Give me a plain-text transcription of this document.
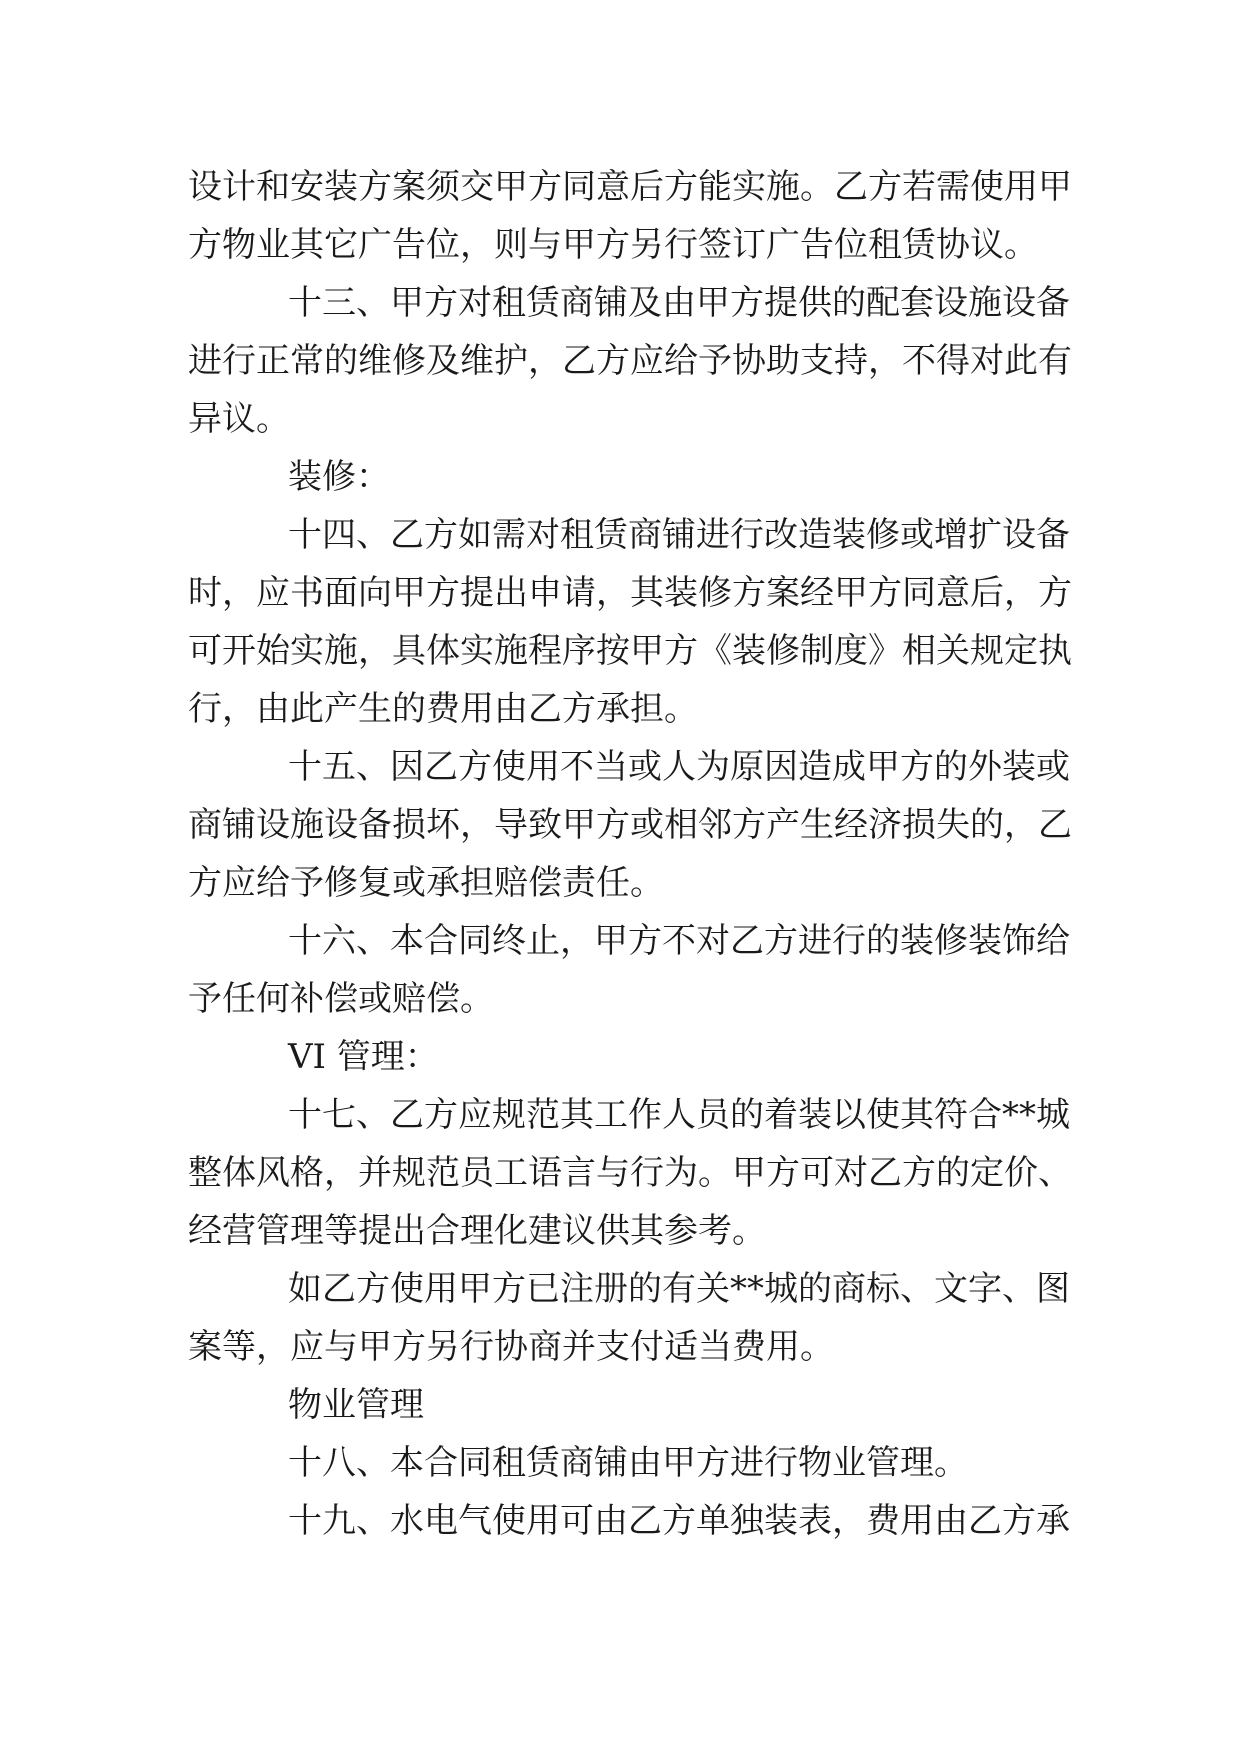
设 计 和 安 装 方 案 须 交 甲 方 同 意 后 方 能 实 施 。 乙 方 若 需 使 用 甲
方物业其它广告位，则与甲方另行签订广告位租赁协议。
十 三 、 甲 方 对 租 赁 商 铺 及 由 甲 方 提 供 的 配 套 设 施 设 备
进 行 正 常 的 维 修 及 维 护 ， 乙 方 应 给 予 协 助 支 持 ， 不 得 对 此 有
异议。
装修：
十 四 、 乙 方 如 需 对 租 赁 商 铺 进 行 改 造 装 修 或 增 扩 设 备
时 ， 应 书 面 向 甲 方 提 出 申 请 ， 其 装 修 方 案 经 甲 方 同 意 后 ， 方
可 开 始 实 施 ， 具 体 实 施 程 序 按 甲 方 《 装 修 制 度 》 相 关 规 定 执
行，由此产生的费用由乙方承担。
十 五 、 因 乙 方 使 用 不 当 或 人 为 原 因 造 成 甲 方 的 外 装 或
商 铺 设 施 设 备 损 坏 ， 导 致 甲 方 或 相 邻 方 产 生 经 济 损 失 的 ， 乙
方应给予修复或承担赔偿责任。
十 六 、 本 合 同 终 止 ， 甲 方 不 对 乙 方 进 行 的 装 修 装 饰 给
予任何补偿或赔偿。
VI 管理：
十 七 、 乙 方 应 规 范 其 工 作 人 员 的 着 装 以 使 其 符 合 * * 城
整 体 风 格 ， 并 规 范 员 工 语 言 与 行 为 。 甲 方 可 对 乙 方 的 定 价 、
经营管理等提出合理化建议供其参考。
如 乙 方 使 用 甲 方 已 注 册 的 有 关 * * 城 的 商 标 、 文 字 、 图
案等，应与甲方另行协商并支付适当费用。
物业管理
十八、本合同租赁商铺由甲方进行物业管理。
十 九 、 水 电 气 使 用 可 由 乙 方 单 独 装 表 ， 费 用 由 乙 方 承
